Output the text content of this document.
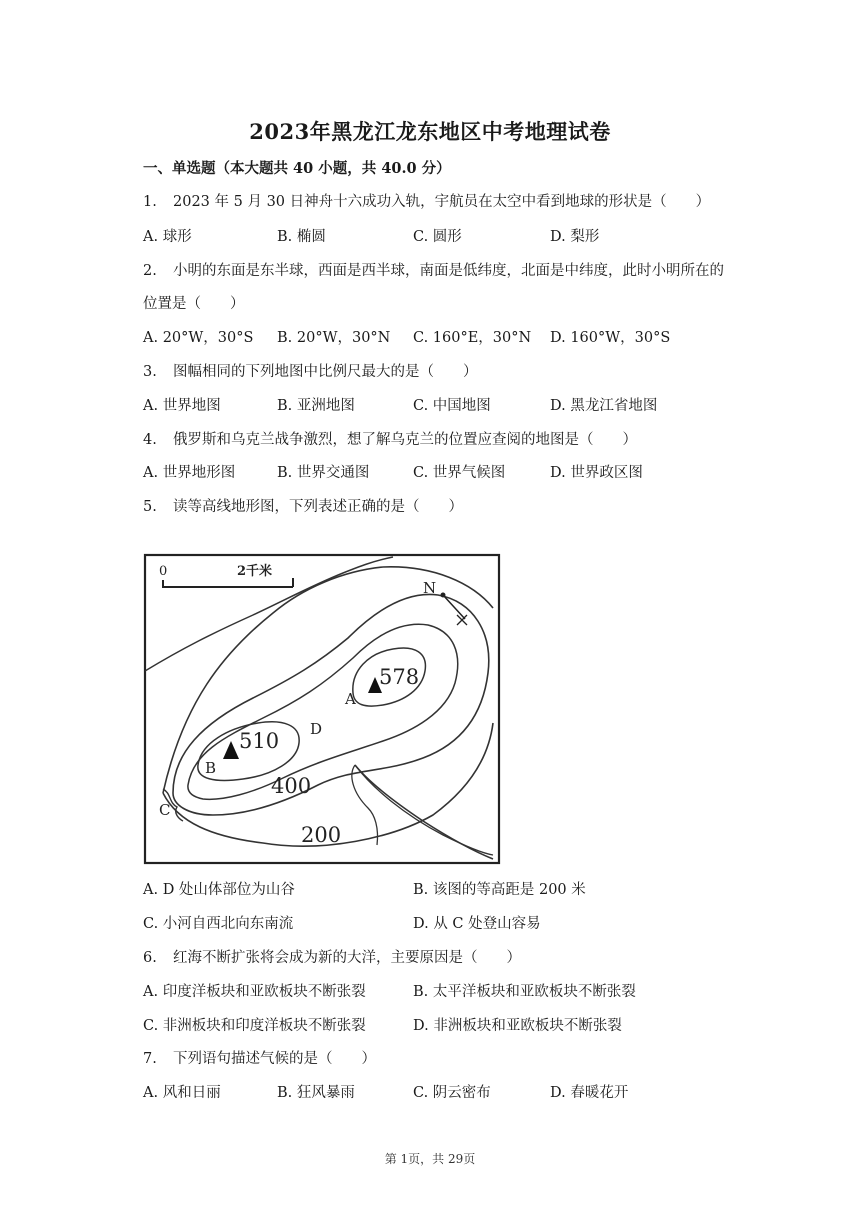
2023年黑龙江龙东地区中考地理试卷
一、单选题（本大题共 40 小题，共 40.0 分）
1. 2023 年 5 月 30 日神舟十六成功入轨，宇航员在太空中看到地球的形状是（　　）
A. 球形	B. 椭圆	C. 圆形	D. 梨形
2. 小明的东面是东半球，西面是西半球，南面是低纬度，北面是中纬度，此时小明所在的
位置是（　　）
A. 20°W，30°S B. 20°W，30°N C. 160°E，30°N D. 160°W，30°S
3. 图幅相同的下列地图中比例尺最大的是（　　）
A. 世界地图	B. 亚洲地图	C. 中国地图	D. 黑龙江省地图
4. 俄罗斯和乌克兰战争激烈，想了解乌克兰的位置应查阅的地图是（　　）
A. 世界地形图	B. 世界交通图	C. 世界气候图	D. 世界政区图
5. 读等高线地形图，下列表述正确的是（　　）
0	2千米
N
A
578
B
510 D
C
400
200
A. D 处山体部位为山谷	B. 该图的等高距是 200 米
C. 小河自西北向东南流	D. 从 C 处登山容易
6. 红海不断扩张将会成为新的大洋，主要原因是（　　）
A. 印度洋板块和亚欧板块不断张裂	B. 太平洋板块和亚欧板块不断张裂
C. 非洲板块和印度洋板块不断张裂	D. 非洲板块和亚欧板块不断张裂
7. 下列语句描述气候的是（　　）
A. 风和日丽	B. 狂风暴雨	C. 阴云密布	D. 春暖花开
第 1页，共 29页
